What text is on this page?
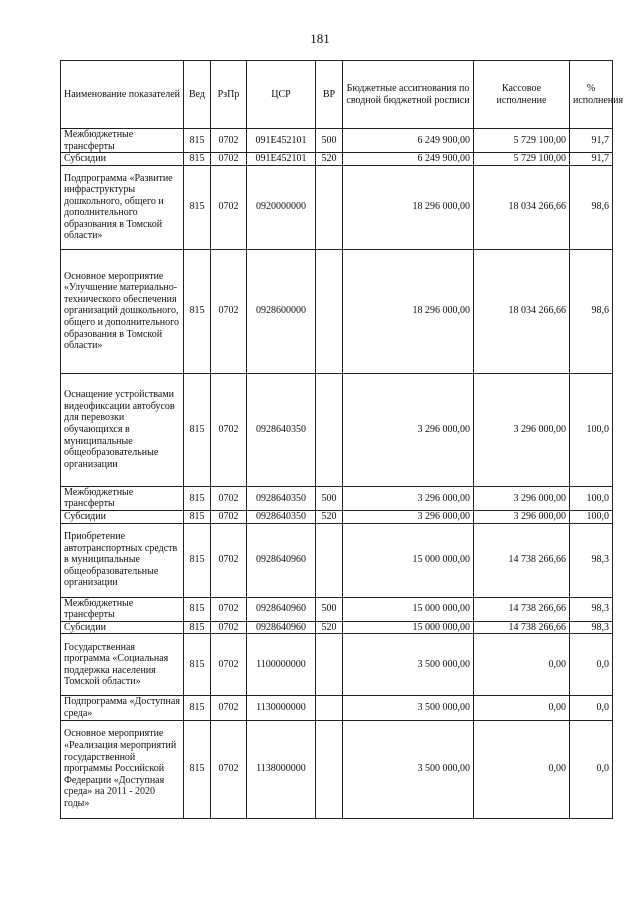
181
Наименование показателей	Вед	РзПр	ЦСР	ВР	Бюджетные ассигнования по сводной бюджетной росписи	Кассовое исполнение	% исполнения
Межбюджетные трансферты	815	0702	091E452101	500	6 249 900,00	5 729 100,00	91,7
Субсидии	815	0702	091E452101	520	6 249 900,00	5 729 100,00	91,7
Подпрограмма «Развитие инфраструктуры дошкольного, общего и дополнительного образования в Томской области»	815	0702	0920000000		18 296 000,00	18 034 266,66	98,6
Основное мероприятие «Улучшение материально-технического обеспечения организаций дошкольного, общего и дополнительного образования в Томской области»	815	0702	0928600000		18 296 000,00	18 034 266,66	98,6
Оснащение устройствами видеофиксации автобусов для перевозки обучающихся в муниципальные общеобразовательные организации	815	0702	0928640350		3 296 000,00	3 296 000,00	100,0
Межбюджетные трансферты	815	0702	0928640350	500	3 296 000,00	3 296 000,00	100,0
Субсидии	815	0702	0928640350	520	3 296 000,00	3 296 000,00	100,0
Приобретение автотранспортных средств в муниципальные общеобразовательные организации	815	0702	0928640960		15 000 000,00	14 738 266,66	98,3
Межбюджетные трансферты	815	0702	0928640960	500	15 000 000,00	14 738 266,66	98,3
Субсидии	815	0702	0928640960	520	15 000 000,00	14 738 266,66	98,3
Государственная программа «Социальная поддержка населения Томской области»	815	0702	1100000000		3 500 000,00	0,00	0,0
Подпрограмма «Доступная среда»	815	0702	1130000000		3 500 000,00	0,00	0,0
Основное мероприятие «Реализация мероприятий государственной программы Российской Федерации «Доступная среда» на 2011 - 2020 годы»	815	0702	1138000000		3 500 000,00	0,00	0,0
